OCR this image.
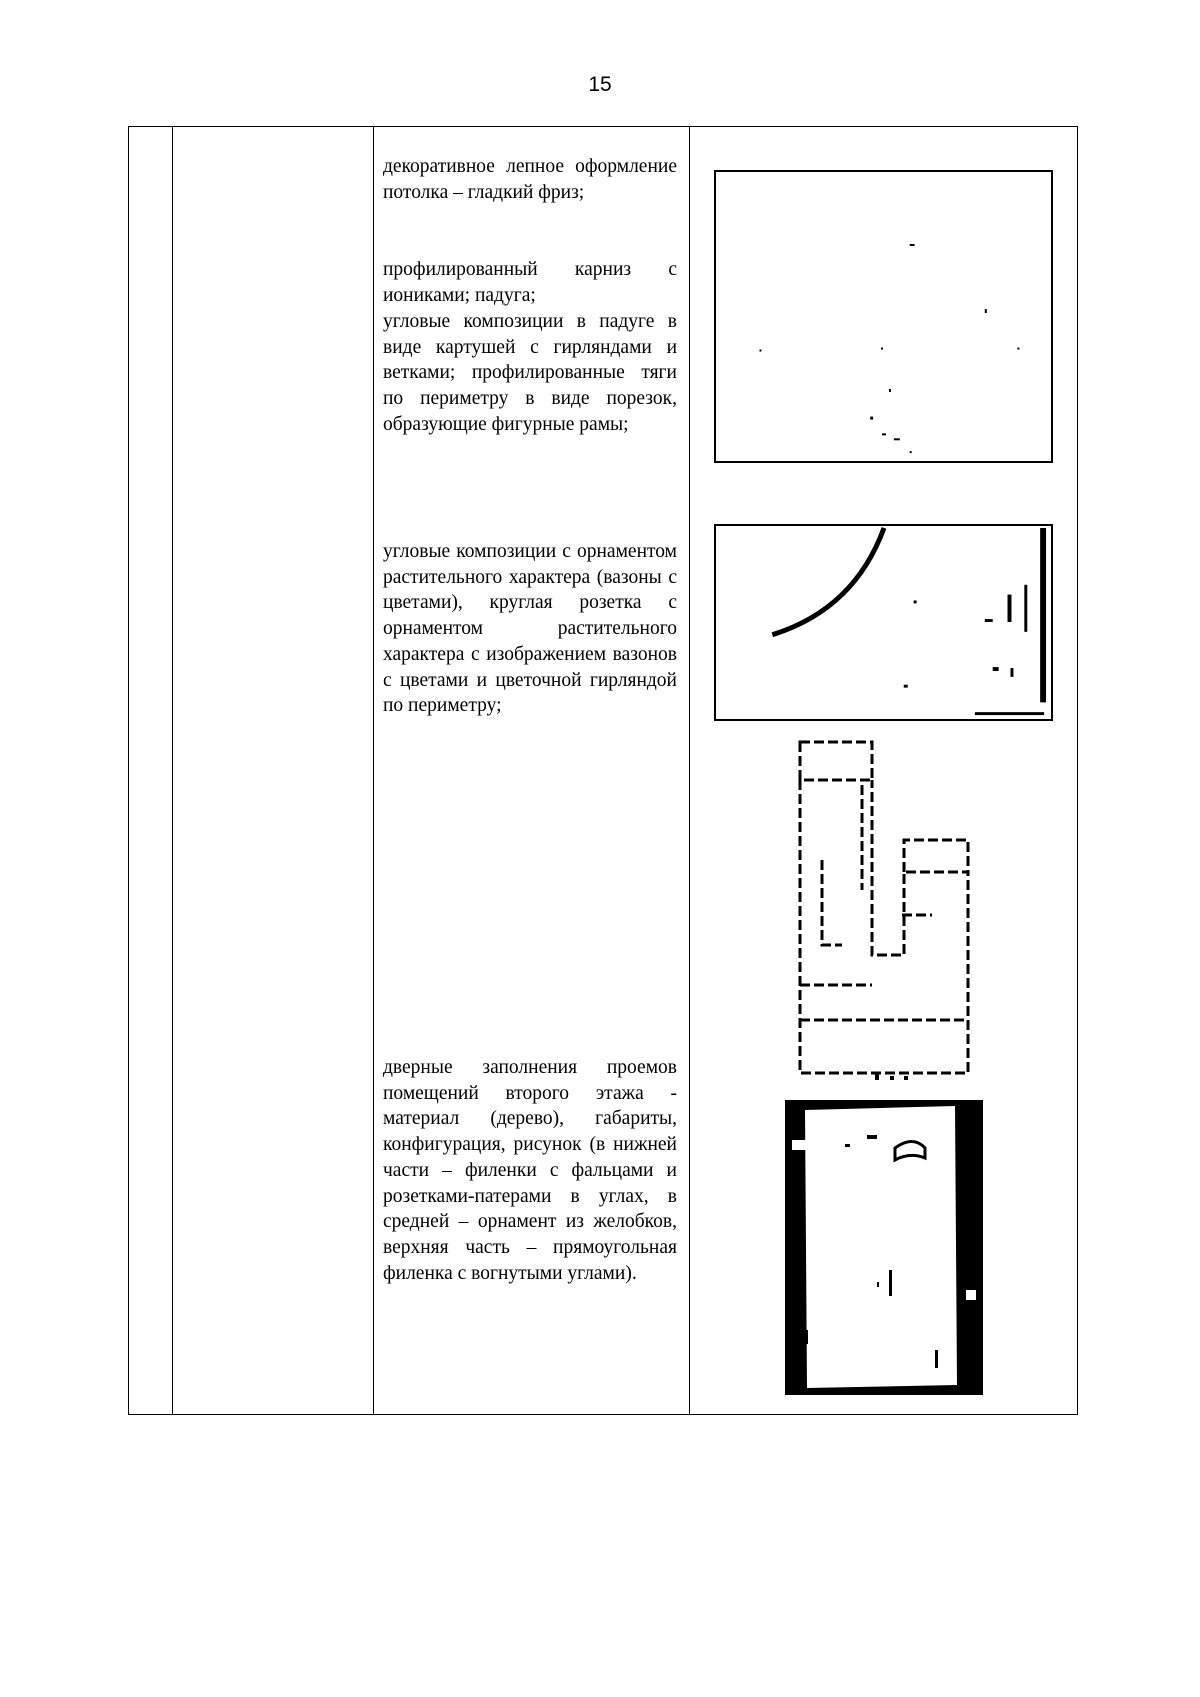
15
декоративное лепное оформление потолка – гладкий фриз;
профилированный карниз с иониками; падуга;
угловые композиции в падуге в виде картушей с гирляндами и ветками; профилированные тяги по периметру в виде порезок, образующие фигурные рамы;
угловые композиции с орнаментом растительного характера (вазоны с цветами), круглая розетка с орнаментом растительного характера с изображением вазонов с цветами и цветочной гирляндой по периметру;
дверные заполнения проемов помещений второго этажа - материал (дерево), габариты, конфигурация, рисунок (в нижней части – филенки с фальцами и розетками-патерами в углах, в средней – орнамент из желобков, верхняя часть – прямоугольная филенка с вогнутыми углами).
